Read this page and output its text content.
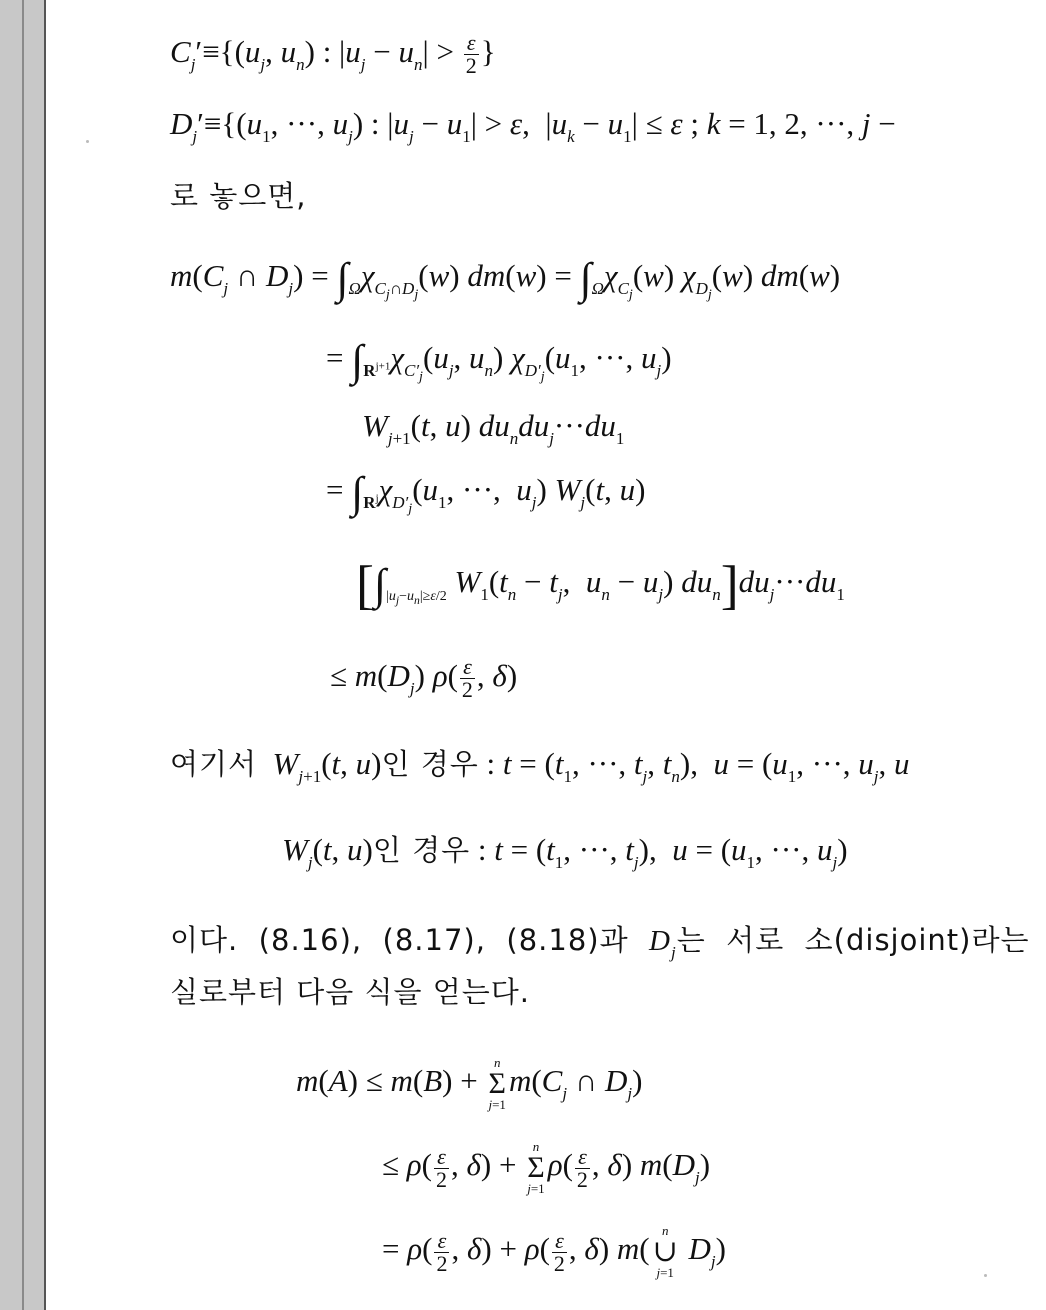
$C_j'\equiv\{(u_j$, $u_n$) : $|u_j - u_n| > \frac{\varepsilon}{2}$ }
$D_j'\equiv\{(u_1$, ···, $u_j$) : $|u_j - u_1| > \varepsilon$,  $|u_k - u_1| \le \varepsilon$ ; k = 1, 2, ···, j −
로 놓으면,
$m(C_j$ ∩ $D_j) = \int_\Omega\chi_{C_j\cap D_j}(w)$ $dm(w) = \int_\Omega\chi_{C_j}(w)$ $\chi_{D_j}(w)$ dm(w)
= $\int_{R^{j+1}}\chi_{C'_j}(u_j$, $u_n$) $\chi_{D'_j}(u_1$, ···, $u_j$)
$W_{j+1}(t$, u) $du_ndu_j\cdot\cdot\cdot du_1$
= $\int_{R^j}\chi_{D'_j}(u_1$, ···,  $u_j$) $W_j(t$, u)
[$\int_{|u_j-u_n|\ge\varepsilon/2}$ $W_1(t_n - t_j$,  $u_n - u_j$) $du_n]du_j\cdot\cdot\cdot du_1$
≤ $m(D_j)$ $\rho( \frac{\varepsilon}{2}$ , δ)
여기서 $W_{j+1}(t$, u)인 경우 : $t = (t_1$, ···, $t_j$, $t_n$),  $u = (u_1$, ···, $u_j$, u
$W_j(t$, u)인 경우 : $t = (t_1$, ···, $t_j$),  $u = (u_1$, ···, $u_j$)
이다.  (8.16),  (8.17),  (8.18)과  $D_j$는  서로  소(disjoint)라는
실로부터 다음 식을 얻는다.
m(A) ≤ m(B) + n
Σ
$j=1m(C_j$ ∩ $D_j$)
≤ $\rho( \frac{\varepsilon}{2}$ , δ) + n
Σ
$j=1\rho( \frac{\varepsilon}{2}$ , δ) $m(D_j)$
= $\rho( \frac{\varepsilon}{2}$ , $\delta) + \rho( \frac{\varepsilon}{2}$ , δ) m(n
∪
j=1 $D_j$)
